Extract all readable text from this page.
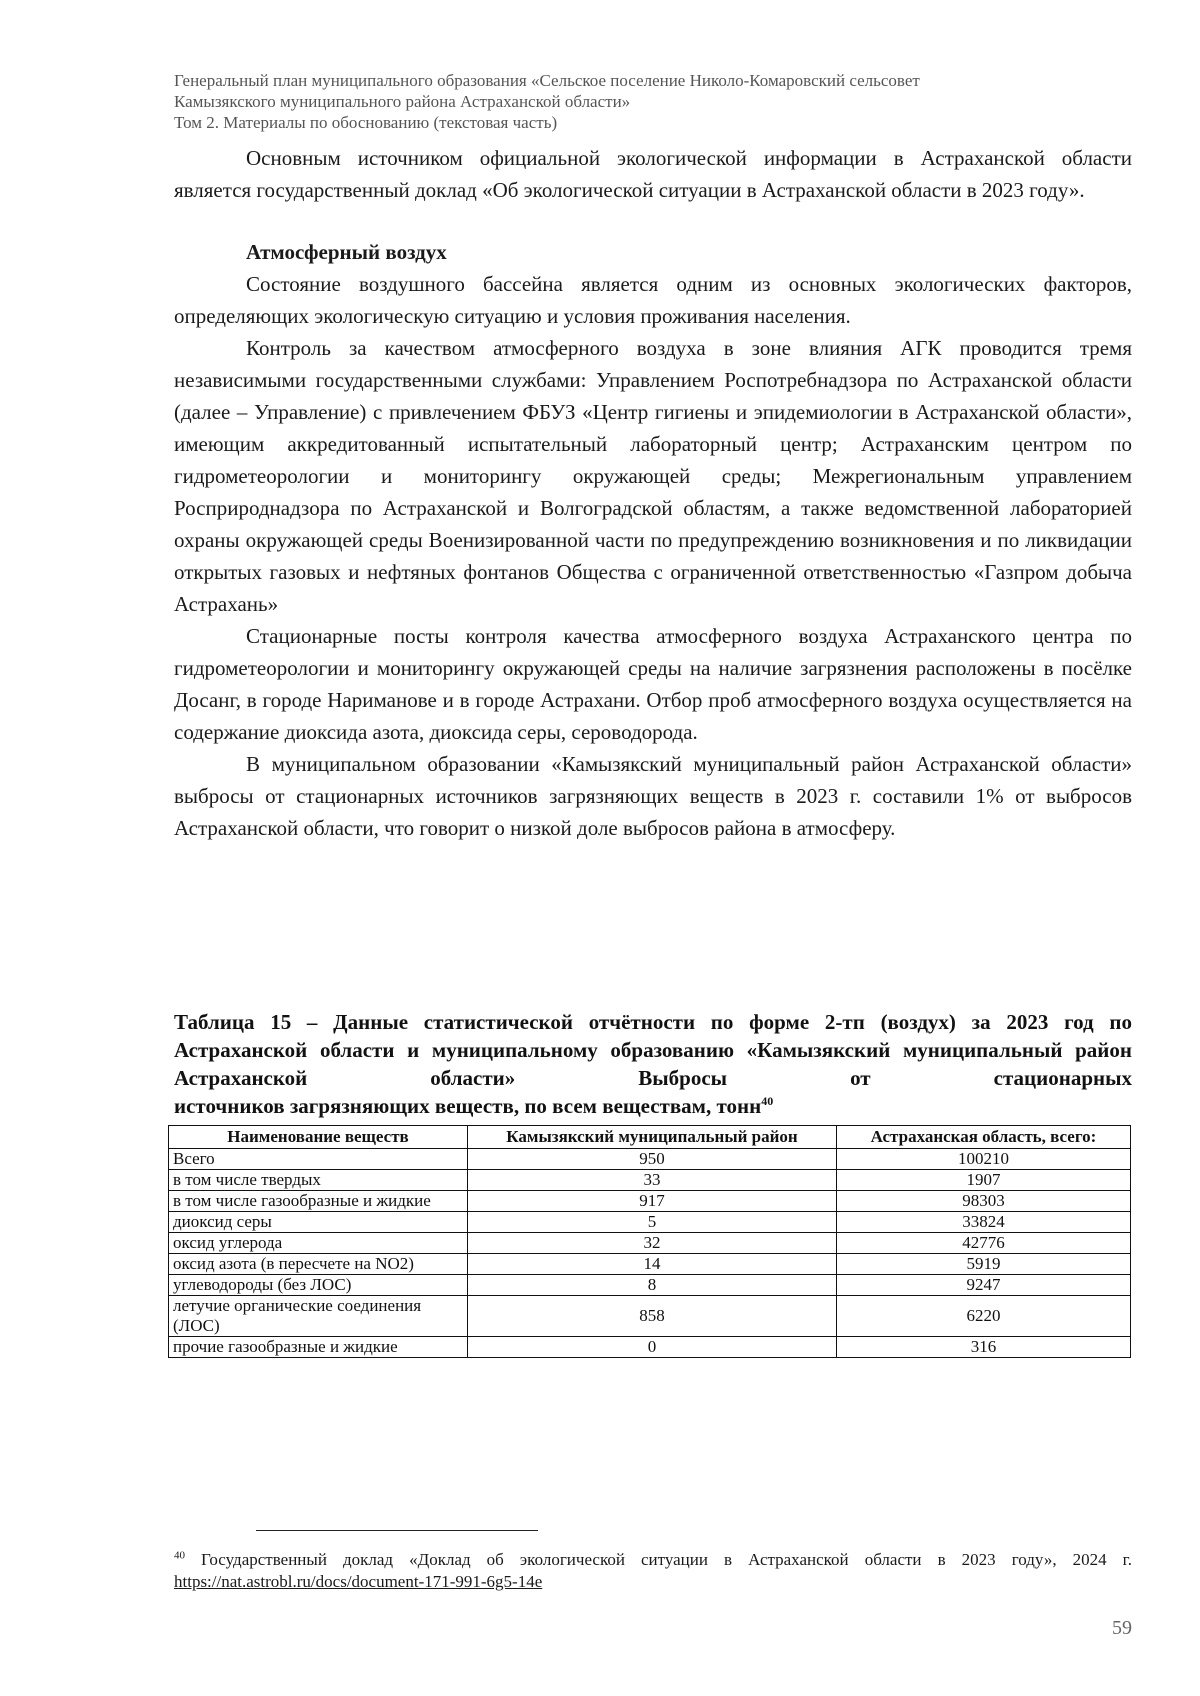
Генеральный план муниципального образования «Сельское поселение Николо-Комаровский сельсовет
Камызякского муниципального района Астраханской области»
Том 2. Материалы по обоснованию (текстовая часть)

Основным источником официальной экологической информации в Астраханской области является государственный доклад «Об экологической ситуации в Астраханской области в 2023 году».

Атмосферный воздух

Состояние воздушного бассейна является одним из основных экологических факторов, определяющих экологическую ситуацию и условия проживания населения.

Контроль за качеством атмосферного воздуха в зоне влияния АГК проводится тремя независимыми государственными службами: Управлением Роспотребнадзора по Астраханской области (далее – Управление) с привлечением ФБУЗ «Центр гигиены и эпидемиологии в Астраханской области», имеющим аккредитованный испытательный лабораторный центр; Астраханским центром по гидрометеорологии и мониторингу окружающей среды; Межрегиональным управлением Росприроднадзора по Астраханской и Волгоградской областям, а также ведомственной лабораторией охраны окружающей среды Военизированной части по предупреждению возникновения и по ликвидации открытых газовых и нефтяных фонтанов Общества с ограниченной ответственностью «Газпром добыча Астрахань»

Стационарные посты контроля качества атмосферного воздуха Астраханского центра по гидрометеорологии и мониторингу окружающей среды на наличие загрязнения расположены в посёлке Досанг, в городе Нариманове и в городе Астрахани. Отбор проб атмосферного воздуха осуществляется на содержание диоксида азота, диоксида серы, сероводорода.

В муниципальном образовании «Камызякский муниципальный район Астраханской области» выбросы от стационарных источников загрязняющих веществ в 2023 г. составили 1% от выбросов Астраханской области, что говорит о низкой доле выбросов района в атмосферу.

Таблица 15 – Данные статистической отчётности по форме 2-тп (воздух) за 2023 год по Астраханской области и муниципальному образованию «Камызякский муниципальный район Астраханской области» Выбросы от стационарных
источников загрязняющих веществ, по всем веществам, тонн$^{40}$
Наименование веществ	Камызякский муниципальный район	Астраханская область, всего:
Всего	950	100210
в том числе твердых	33	1907
в том числе газообразные и жидкие	917	98303
диоксид серы	5	33824
оксид углерода	32	42776
оксид азота (в пересчете на NO2)	14	5919
углеводороды (без ЛОС)	8	9247
летучие органические соединения (ЛОС)	858	6220
прочие газообразные и жидкие	0	316
$^{40}$ Государственный доклад «Доклад об экологической ситуации в Астраханской области в 2023 году», 2024 г. https://nat.astrobl.ru/docs/document-171-991-6g5-14e
59
